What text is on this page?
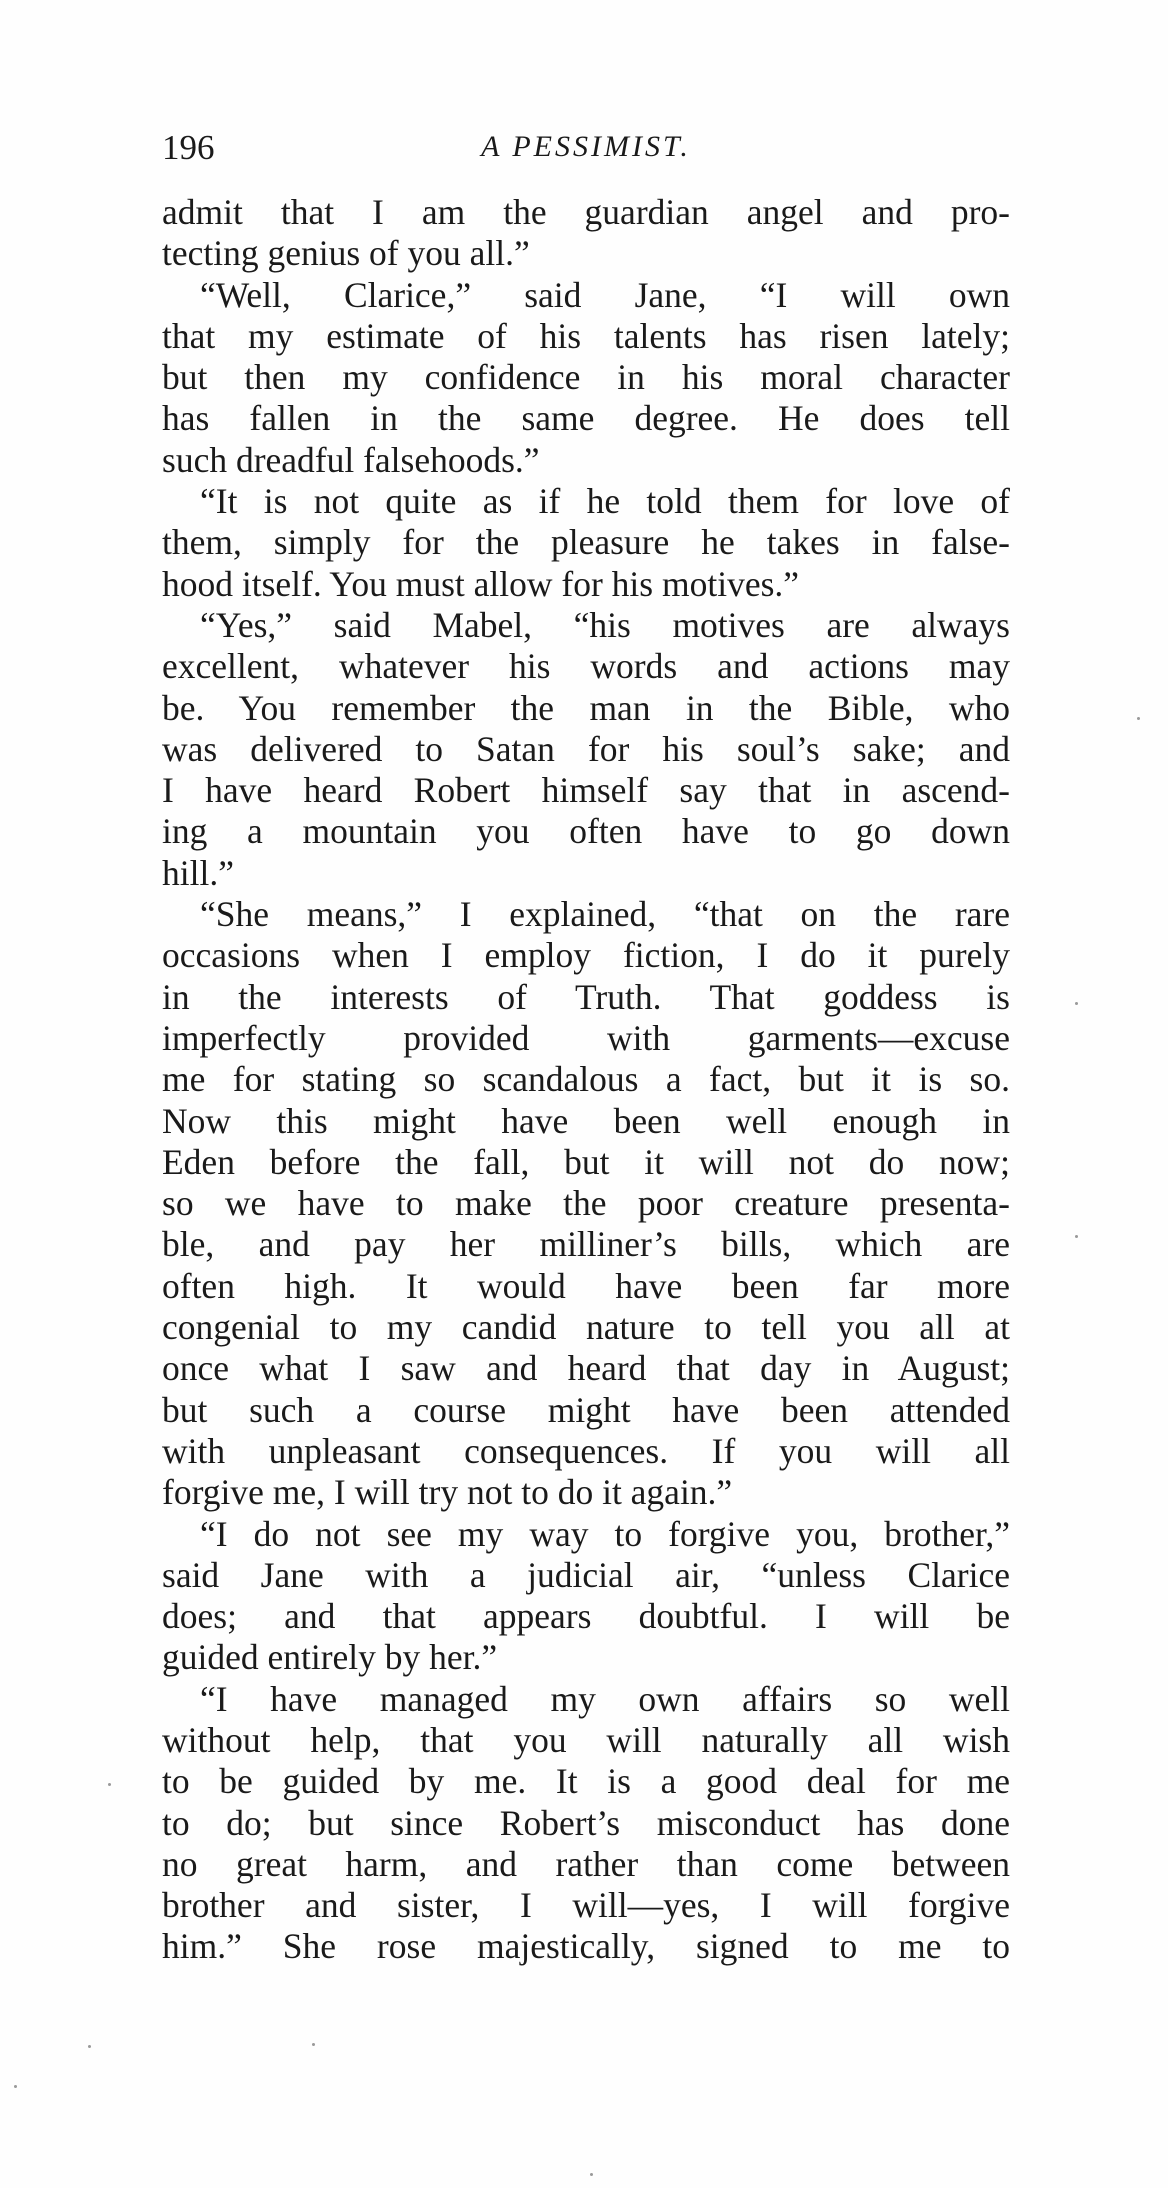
196	A PESSIMIST.
admit that I am the guardian angel and pro-
tecting genius of you all.”
“Well, Clarice,” said Jane, “I will own
that my estimate of his talents has risen lately;
but then my confidence in his moral character
has fallen in the same degree. He does tell
such dreadful falsehoods.”
“It is not quite as if he told them for love of
them, simply for the pleasure he takes in false-
hood itself. You must allow for his motives.”
“Yes,” said Mabel, “his motives are always
excellent, whatever his words and actions may
be. You remember the man in the Bible, who
was delivered to Satan for his soul’s sake; and
I have heard Robert himself say that in ascend-
ing a mountain you often have to go down
hill.”
“She means,” I explained, “that on the rare
occasions when I employ fiction, I do it purely
in the interests of Truth. That goddess is
imperfectly provided with garments—excuse
me for stating so scandalous a fact, but it is so.
Now this might have been well enough in
Eden before the fall, but it will not do now;
so we have to make the poor creature presenta-
ble, and pay her milliner’s bills, which are
often high. It would have been far more
congenial to my candid nature to tell you all at
once what I saw and heard that day in August;
but such a course might have been attended
with unpleasant consequences. If you will all
forgive me, I will try not to do it again.”
“I do not see my way to forgive you, brother,”
said Jane with a judicial air, “unless Clarice
does; and that appears doubtful. I will be
guided entirely by her.”
“I have managed my own affairs so well
without help, that you will naturally all wish
to be guided by me. It is a good deal for me
to do; but since Robert’s misconduct has done
no great harm, and rather than come between
brother and sister, I will—yes, I will forgive
him.” She rose majestically, signed to me to
